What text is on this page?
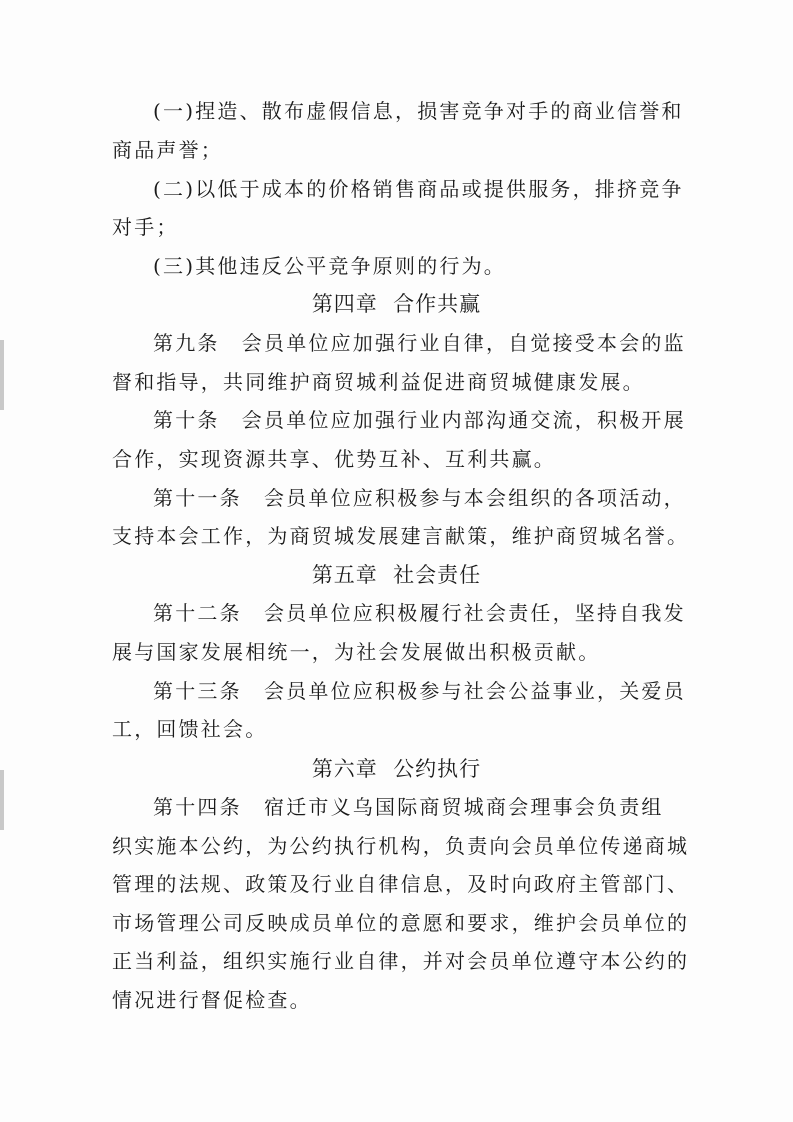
(一)捏造、散布虚假信息，损害竞争对手的商业信誉和
商品声誉；
(二)以低于成本的价格销售商品或提供服务，排挤竞争
对手；
(三)其他违反公平竞争原则的行为。
第四章  合作共赢
第九条　会员单位应加强行业自律，自觉接受本会的监
督和指导，共同维护商贸城利益促进商贸城健康发展。
第十条　会员单位应加强行业内部沟通交流，积极开展
合作，实现资源共享、优势互补、互利共赢。
第十一条　会员单位应积极参与本会组织的各项活动，
支持本会工作，为商贸城发展建言献策，维护商贸城名誉。
第五章  社会责任
第十二条　会员单位应积极履行社会责任，坚持自我发
展与国家发展相统一，为社会发展做出积极贡献。
第十三条　会员单位应积极参与社会公益事业，关爱员
工，回馈社会。
第六章  公约执行
第十四条　宿迁市义乌国际商贸城商会理事会负责组
织实施本公约，为公约执行机构，负责向会员单位传递商城
管理的法规、政策及行业自律信息，及时向政府主管部门、
市场管理公司反映成员单位的意愿和要求，维护会员单位的
正当利益，组织实施行业自律，并对会员单位遵守本公约的
情况进行督促检查。
